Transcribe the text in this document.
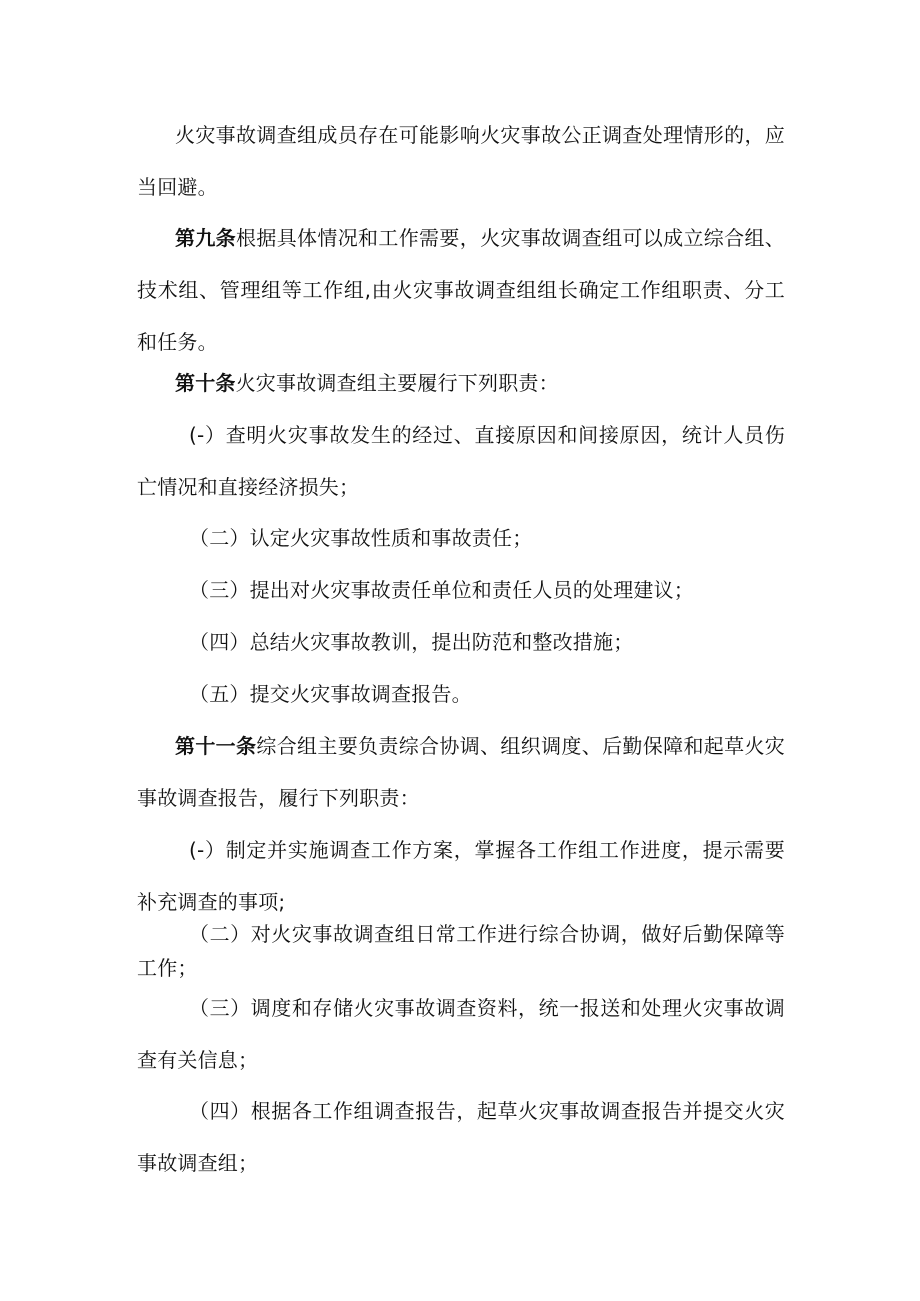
火灾事故调查组成员存在可能影响火灾事故公正调查处理情形的，应当回避。

第九条根据具体情况和工作需要，火灾事故调查组可以成立综合组、技术组、管理组等工作组,由火灾事故调查组组长确定工作组职责、分工和任务。

第十条火灾事故调查组主要履行下列职责：

(-）查明火灾事故发生的经过、直接原因和间接原因，统计人员伤亡情况和直接经济损失；

（二）认定火灾事故性质和事故责任；

（三）提出对火灾事故责任单位和责任人员的处理建议；

（四）总结火灾事故教训，提出防范和整改措施；

（五）提交火灾事故调查报告。

第十一条综合组主要负责综合协调、组织调度、后勤保障和起草火灾事故调查报告，履行下列职责：

(-）制定并实施调查工作方案，掌握各工作组工作进度，提示需要补充调查的事项;

（二）对火灾事故调查组日常工作进行综合协调，做好后勤保障等工作；

（三）调度和存储火灾事故调查资料，统一报送和处理火灾事故调查有关信息；

（四）根据各工作组调查报告，起草火灾事故调查报告并提交火灾事故调查组；
